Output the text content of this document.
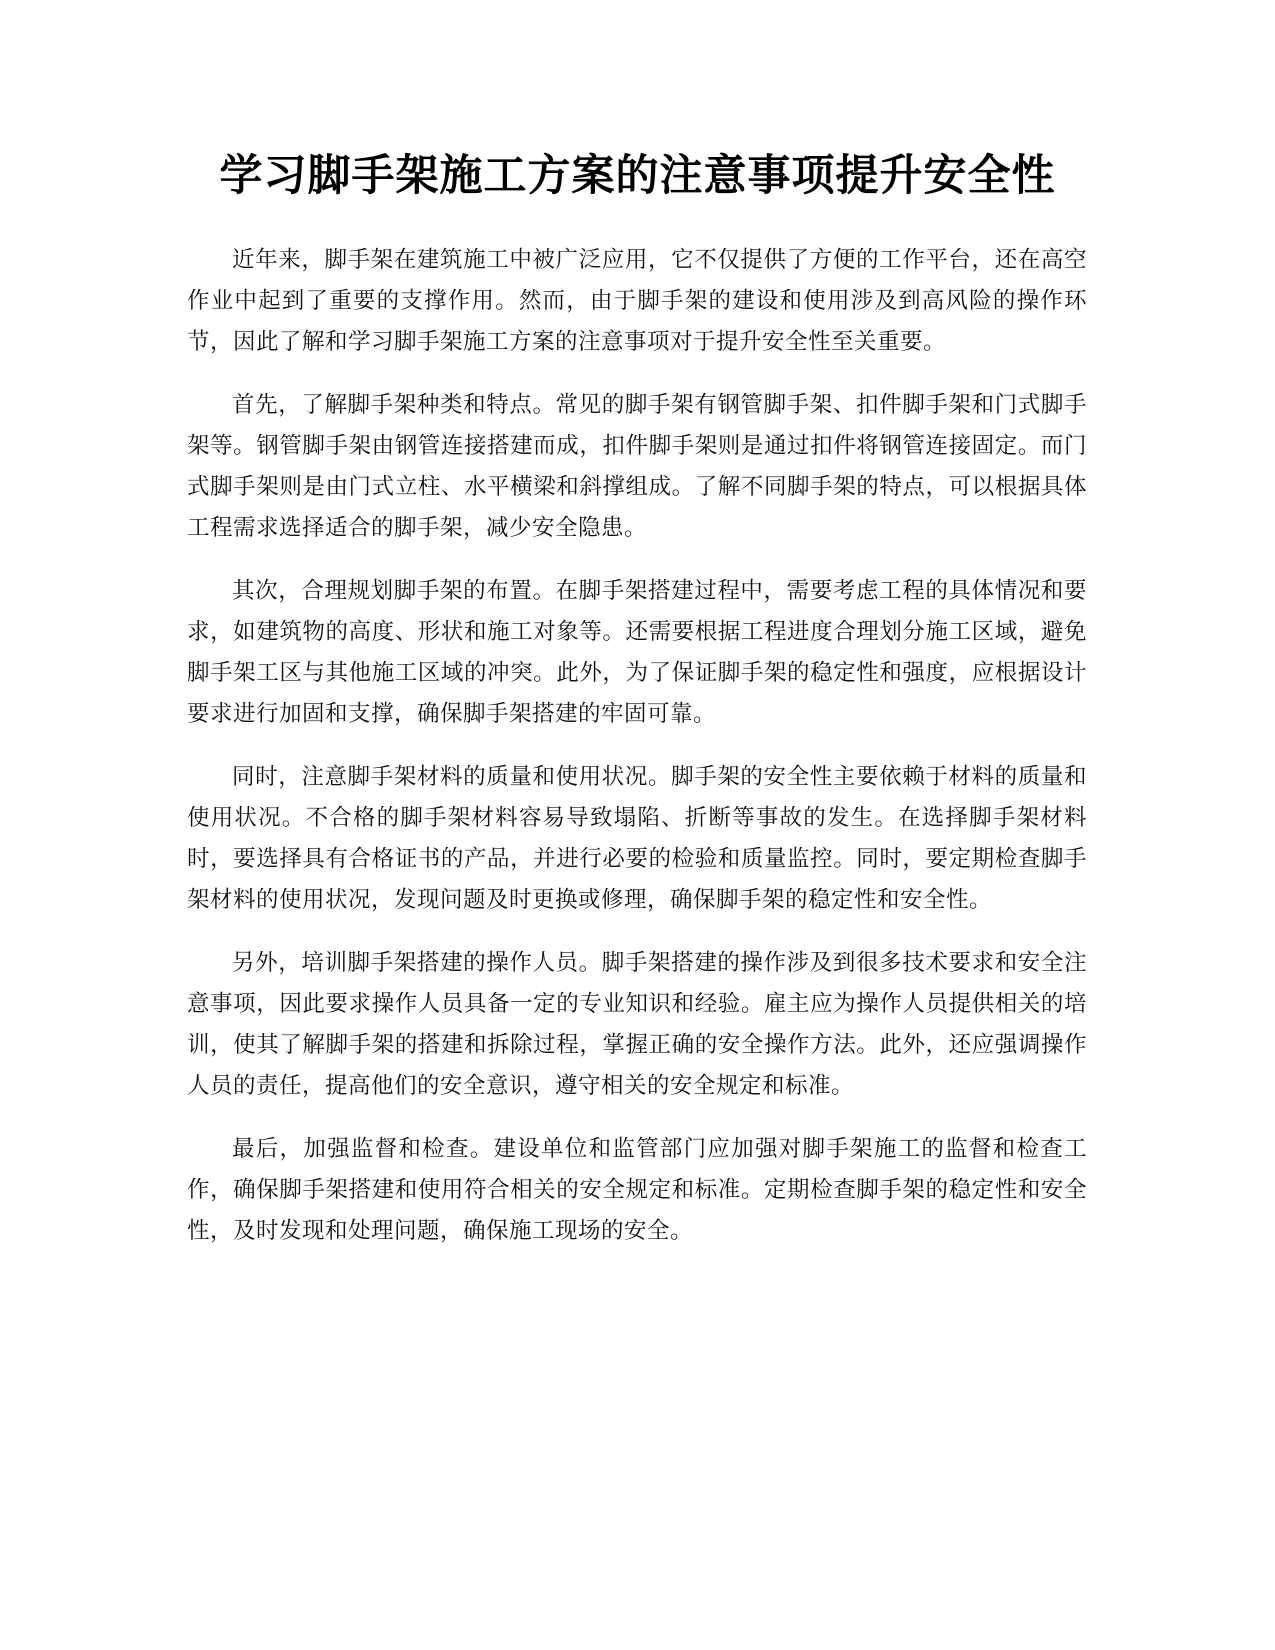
学习脚手架施工方案的注意事项提升安全性

近年来，脚手架在建筑施工中被广泛应用，它不仅提供了方便的工作平台，还在高空作业中起到了重要的支撑作用。然而，由于脚手架的建设和使用涉及到高风险的操作环节，因此了解和学习脚手架施工方案的注意事项对于提升安全性至关重要。

首先，了解脚手架种类和特点。常见的脚手架有钢管脚手架、扣件脚手架和门式脚手架等。钢管脚手架由钢管连接搭建而成，扣件脚手架则是通过扣件将钢管连接固定。而门式脚手架则是由门式立柱、水平横梁和斜撑组成。了解不同脚手架的特点，可以根据具体工程需求选择适合的脚手架，减少安全隐患。

其次，合理规划脚手架的布置。在脚手架搭建过程中，需要考虑工程的具体情况和要求，如建筑物的高度、形状和施工对象等。还需要根据工程进度合理划分施工区域，避免脚手架工区与其他施工区域的冲突。此外，为了保证脚手架的稳定性和强度，应根据设计要求进行加固和支撑，确保脚手架搭建的牢固可靠。

同时，注意脚手架材料的质量和使用状况。脚手架的安全性主要依赖于材料的质量和使用状况。不合格的脚手架材料容易导致塌陷、折断等事故的发生。在选择脚手架材料时，要选择具有合格证书的产品，并进行必要的检验和质量监控。同时，要定期检查脚手架材料的使用状况，发现问题及时更换或修理，确保脚手架的稳定性和安全性。

另外，培训脚手架搭建的操作人员。脚手架搭建的操作涉及到很多技术要求和安全注意事项，因此要求操作人员具备一定的专业知识和经验。雇主应为操作人员提供相关的培训，使其了解脚手架的搭建和拆除过程，掌握正确的安全操作方法。此外，还应强调操作人员的责任，提高他们的安全意识，遵守相关的安全规定和标准。

最后，加强监督和检查。建设单位和监管部门应加强对脚手架施工的监督和检查工作，确保脚手架搭建和使用符合相关的安全规定和标准。定期检查脚手架的稳定性和安全性，及时发现和处理问题，确保施工现场的安全。
